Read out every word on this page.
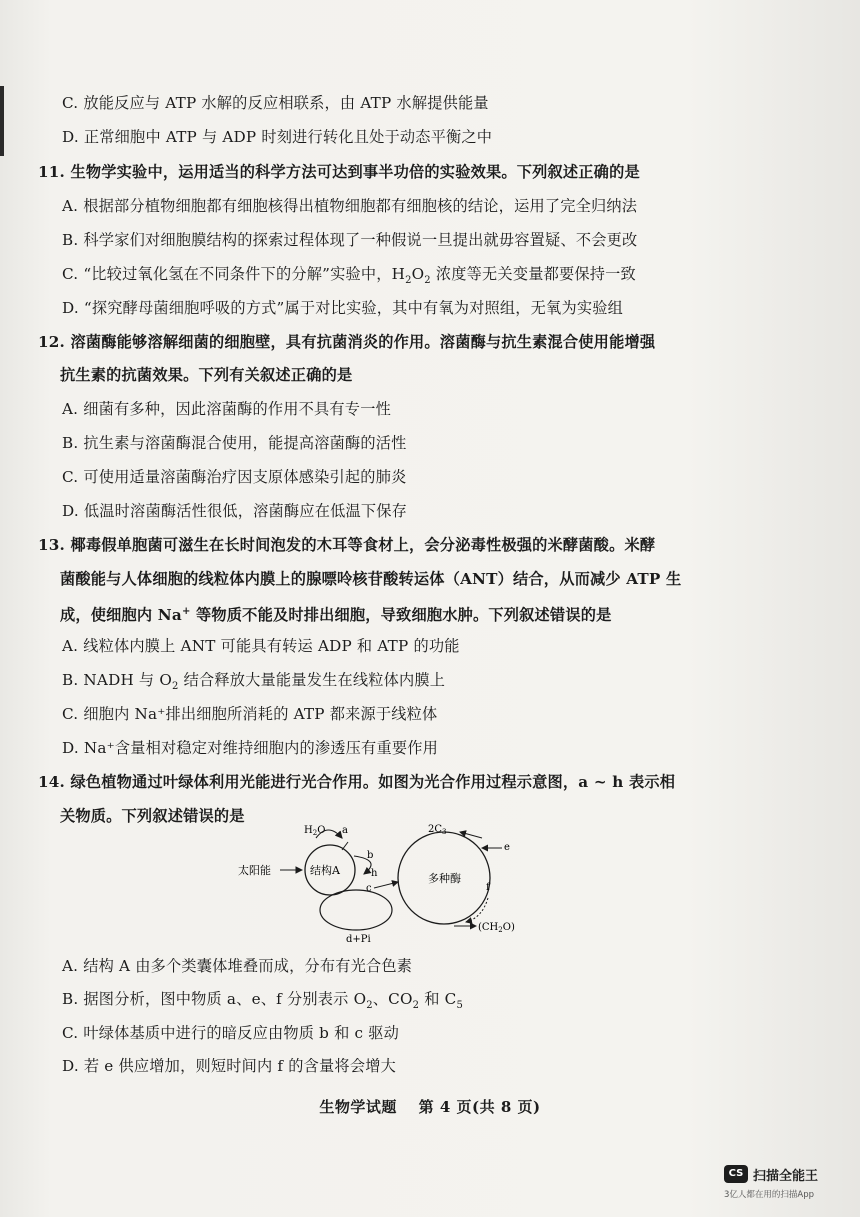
C. 放能反应与 ATP 水解的反应相联系，由 ATP 水解提供能量
D. 正常细胞中 ATP 与 ADP 时刻进行转化且处于动态平衡之中
11. 生物学实验中，运用适当的科学方法可达到事半功倍的实验效果。下列叙述正确的是
A. 根据部分植物细胞都有细胞核得出植物细胞都有细胞核的结论，运用了完全归纳法
B. 科学家们对细胞膜结构的探索过程体现了一种假说一旦提出就毋容置疑、不会更改
C. “比较过氧化氢在不同条件下的分解”实验中，$H_2O_2$ 浓度等无关变量都要保持一致
D. “探究酵母菌细胞呼吸的方式”属于对比实验，其中有氧为对照组，无氧为实验组
12. 溶菌酶能够溶解细菌的细胞壁，具有抗菌消炎的作用。溶菌酶与抗生素混合使用能增强
抗生素的抗菌效果。下列有关叙述正确的是
A. 细菌有多种，因此溶菌酶的作用不具有专一性
B. 抗生素与溶菌酶混合使用，能提高溶菌酶的活性
C. 可使用适量溶菌酶治疗因支原体感染引起的肺炎
D. 低温时溶菌酶活性很低，溶菌酶应在低温下保存
13. 椰毒假单胞菌可滋生在长时间泡发的木耳等食材上，会分泌毒性极强的米酵菌酸。米酵
菌酸能与人体细胞的线粒体内膜上的腺嘌呤核苷酸转运体（ANT）结合，从而减少 ATP 生
成，使细胞内 Na+ 等物质不能及时排出细胞，导致细胞水肿。下列叙述错误的是
A. 线粒体内膜上 ANT 可能具有转运 ADP 和 ATP 的功能
B. NADH 与 $O_2$ 结合释放大量能量发生在线粒体内膜上
C. 细胞内 Na⁺排出细胞所消耗的 ATP 都来源于线粒体
D. Na⁺含量相对稳定对维持细胞内的渗透压有重要作用
14. 绿色植物通过叶绿体利用光能进行光合作用。如图为光合作用过程示意图，a ~ h 表示相
关物质。下列叙述错误的是
$H_2O$ a
结构A
太阳能
b
h
c
多种酶
$2C_3$
e
f
$(CH_2O)$
d+Pi
A. 结构 A 由多个类囊体堆叠而成，分布有光合色素
B. 据图分析，图中物质 a、e、f 分别表示 $O_2$、$CO_2$ 和 $C_5$
C. 叶绿体基质中进行的暗反应由物质 b 和 c 驱动
D. 若 e 供应增加，则短时间内 f 的含量将会增大
生物学试题 第 4 页(共 8 页)
CS 扫描全能王
3亿人都在用的扫描App
